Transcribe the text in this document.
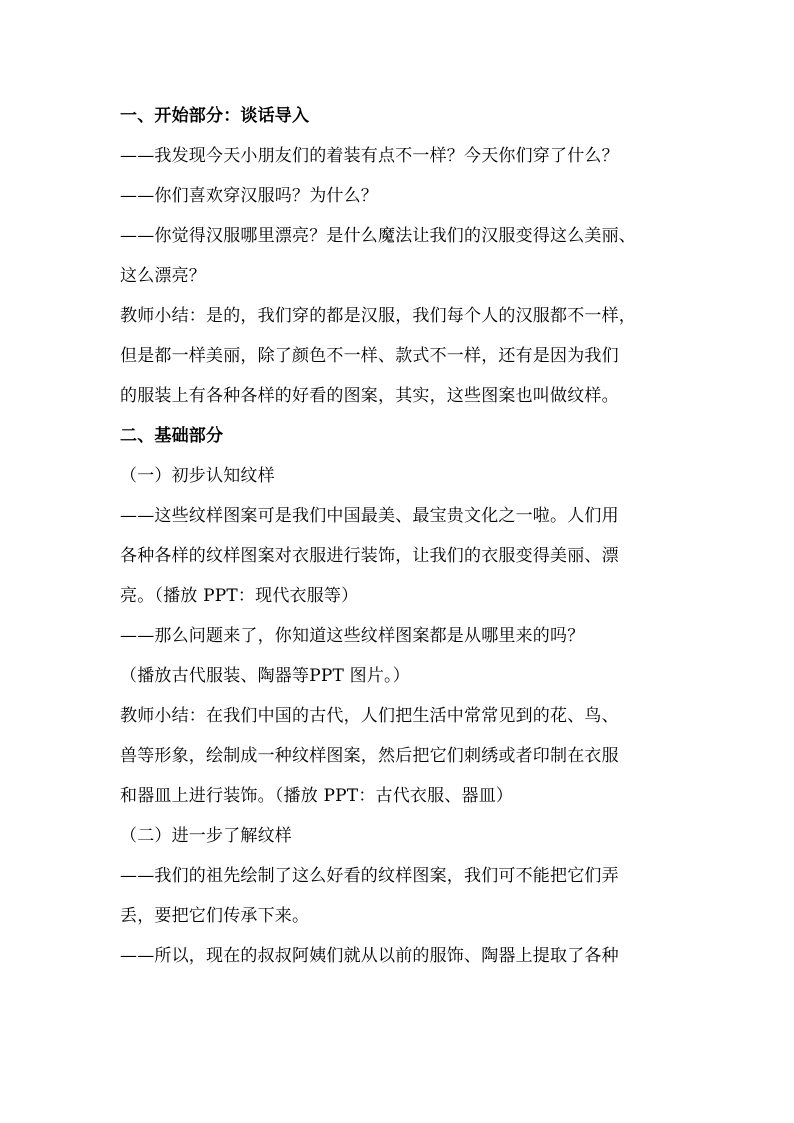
一、开始部分：谈话导入
——我发现今天小朋友们的着装有点不一样？今天你们穿了什么？
——你们喜欢穿汉服吗？为什么？
——你觉得汉服哪里漂亮？是什么魔法让我们的汉服变得这么美丽、
这么漂亮？
教师小结：是的，我们穿的都是汉服，我们每个人的汉服都不一样，
但是都一样美丽，除了颜色不一样、款式不一样，还有是因为我们
的服装上有各种各样的好看的图案，其实，这些图案也叫做纹样。
二、基础部分
（一）初步认知纹样
——这些纹样图案可是我们中国最美、最宝贵文化之一啦。人们用
各种各样的纹样图案对衣服进行装饰，让我们的衣服变得美丽、漂
亮。（播放 PPT：现代衣服等）
——那么问题来了，你知道这些纹样图案都是从哪里来的吗？
（播放古代服装、陶器等PPT 图片。）
教师小结：在我们中国的古代，人们把生活中常常见到的花、鸟、
兽等形象，绘制成一种纹样图案，然后把它们刺绣或者印制在衣服
和器皿上进行装饰。（播放 PPT：古代衣服、器皿）
（二）进一步了解纹样
——我们的祖先绘制了这么好看的纹样图案，我们可不能把它们弄
丢，要把它们传承下来。
——所以，现在的叔叔阿姨们就从以前的服饰、陶器上提取了各种
